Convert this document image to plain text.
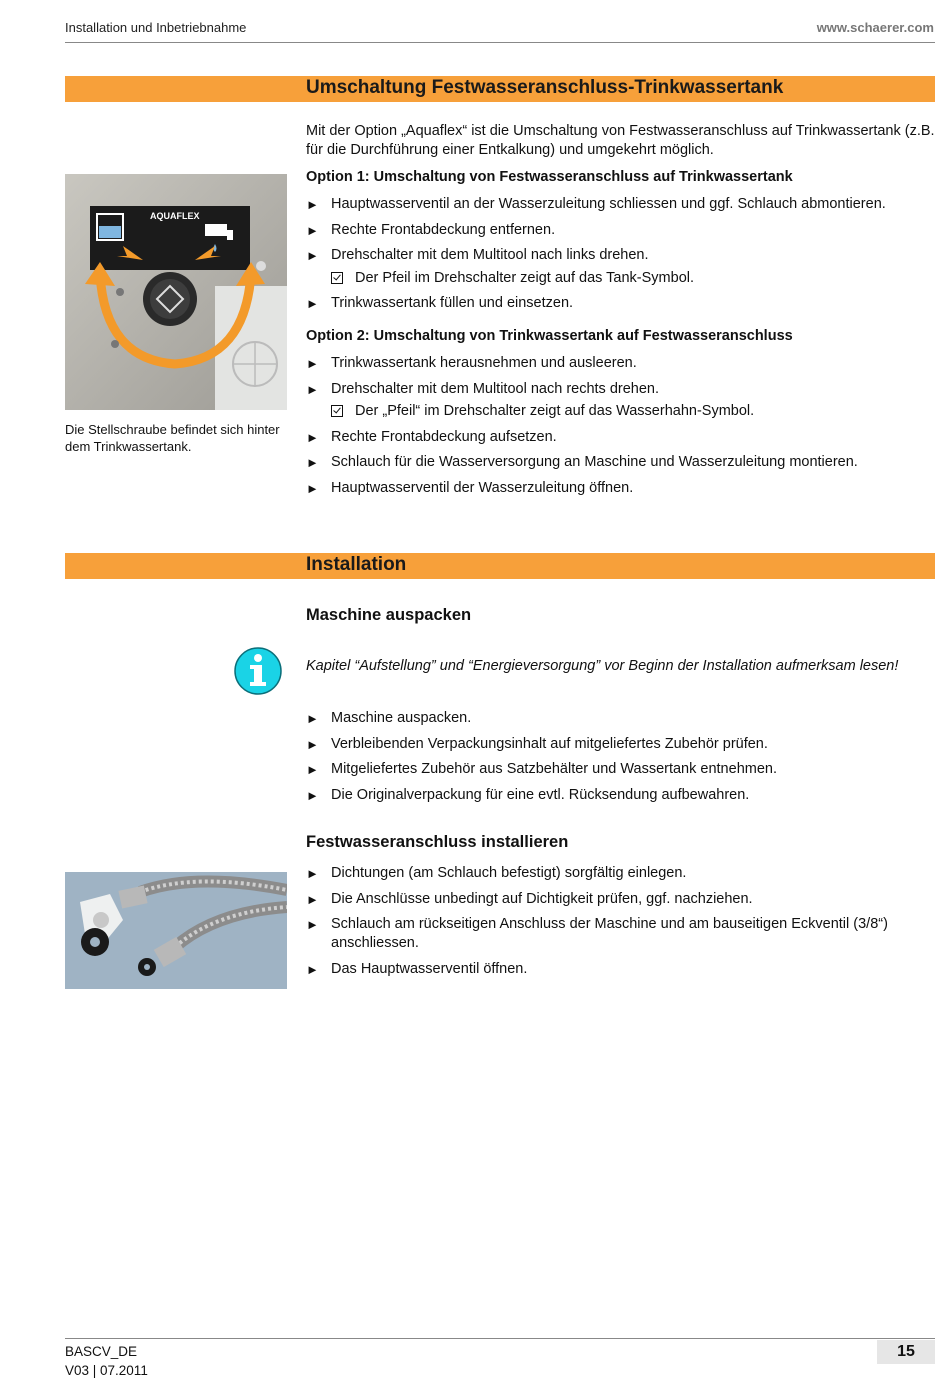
Installation und Inbetriebnahme	www.schaerer.com
Umschaltung Festwasseranschluss-Trinkwassertank
AQUAFLEX
Die Stellschraube befindet sich hinter dem Trinkwassertank.

Mit der Option „Aquaflex“ ist die Umschaltung von Festwasseranschluss auf Trinkwassertank (z.B. für die Durchführung einer Entkalkung) und umgekehrt möglich.

Option 1: Umschaltung von Festwasseranschluss auf Trinkwassertank
► Hauptwasserventil an der Wasserzuleitung schliessen und ggf. Schlauch abmontieren.
► Rechte Frontabdeckung entfernen.
► Drehschalter mit dem Multitool nach links drehen.
Der Pfeil im Drehschalter zeigt auf das Tank-Symbol.
► Trinkwassertank füllen und einsetzen.
Option 2: Umschaltung von Trinkwassertank auf Festwasseranschluss
► Trinkwassertank herausnehmen und ausleeren.
► Drehschalter mit dem Multitool nach rechts drehen.
Der „Pfeil“ im Drehschalter zeigt auf das Wasserhahn-Symbol.
► Rechte Frontabdeckung aufsetzen.
► Schlauch für die Wasserversorgung an Maschine und Wasserzuleitung montieren.
► Hauptwasserventil der Wasserzuleitung öffnen.
Installation
Maschine auspacken
Kapitel “Aufstellung” und “Energieversorgung” vor Beginn der Installation aufmerksam lesen!
► Maschine auspacken.
► Verbleibenden Verpackungsinhalt auf mitgeliefertes Zubehör prüfen.
► Mitgeliefertes Zubehör aus Satzbehälter und Wassertank entnehmen.
► Die Originalverpackung für eine evtl. Rücksendung aufbewahren.
Festwasseranschluss installieren
► Dichtungen (am Schlauch befestigt) sorgfältig einlegen.
► Die Anschlüsse unbedingt auf Dichtigkeit prüfen, ggf. nachziehen.
► Schlauch am rückseitigen Anschluss der Maschine und am bauseitigen Eckventil (3/8“) anschliessen.
► Das Hauptwasserventil öffnen.
BASCV_DE
V03 | 07.2011
15
